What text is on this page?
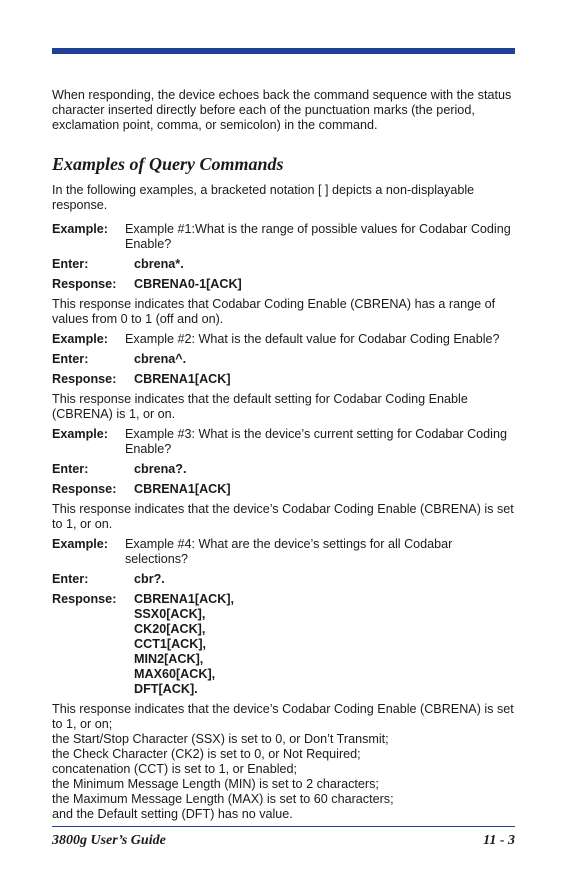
When responding, the device echoes back the command sequence with the status character inserted directly before each of the punctuation marks (the period, exclamation point, comma, or semicolon) in the command.

Examples of Query Commands

In the following examples, a bracketed notation [ ] depicts a non-displayable response.

Example:	Example #1:What is the range of possible values for Codabar Coding Enable?
Enter:	cbrena*.
Response:	CBRENA0-1[ACK]

This response indicates that Codabar Coding Enable (CBRENA) has a range of values from 0 to 1 (off and on).

Example:	Example #2: What is the default value for Codabar Coding Enable?
Enter:	cbrena^.
Response:	CBRENA1[ACK]

This response indicates that the default setting for Codabar Coding Enable (CBRENA) is 1, or on.

Example:	Example #3: What is the device’s current setting for Codabar Coding Enable?
Enter:	cbrena?.
Response:	CBRENA1[ACK]

This response indicates that the device’s Codabar Coding Enable (CBRENA) is set to 1, or on.

Example:	Example #4: What are the device’s settings for all Codabar selections?
Enter:	cbr?.
Response:	CBRENA1[ACK],
SSX0[ACK],
CK20[ACK],
CCT1[ACK],
MIN2[ACK],
MAX60[ACK],
DFT[ACK].
This response indicates that the device’s Codabar Coding Enable (CBRENA) is set to 1, or on;
the Start/Stop Character (SSX) is set to 0, or Don’t Transmit;
the Check Character (CK2) is set to 0, or Not Required;
concatenation (CCT) is set to 1, or Enabled;
the Minimum Message Length (MIN) is set to 2 characters;
the Maximum Message Length (MAX) is set to 60 characters;
and the Default setting (DFT) has no value.
3800g User’s Guide	11 - 3
